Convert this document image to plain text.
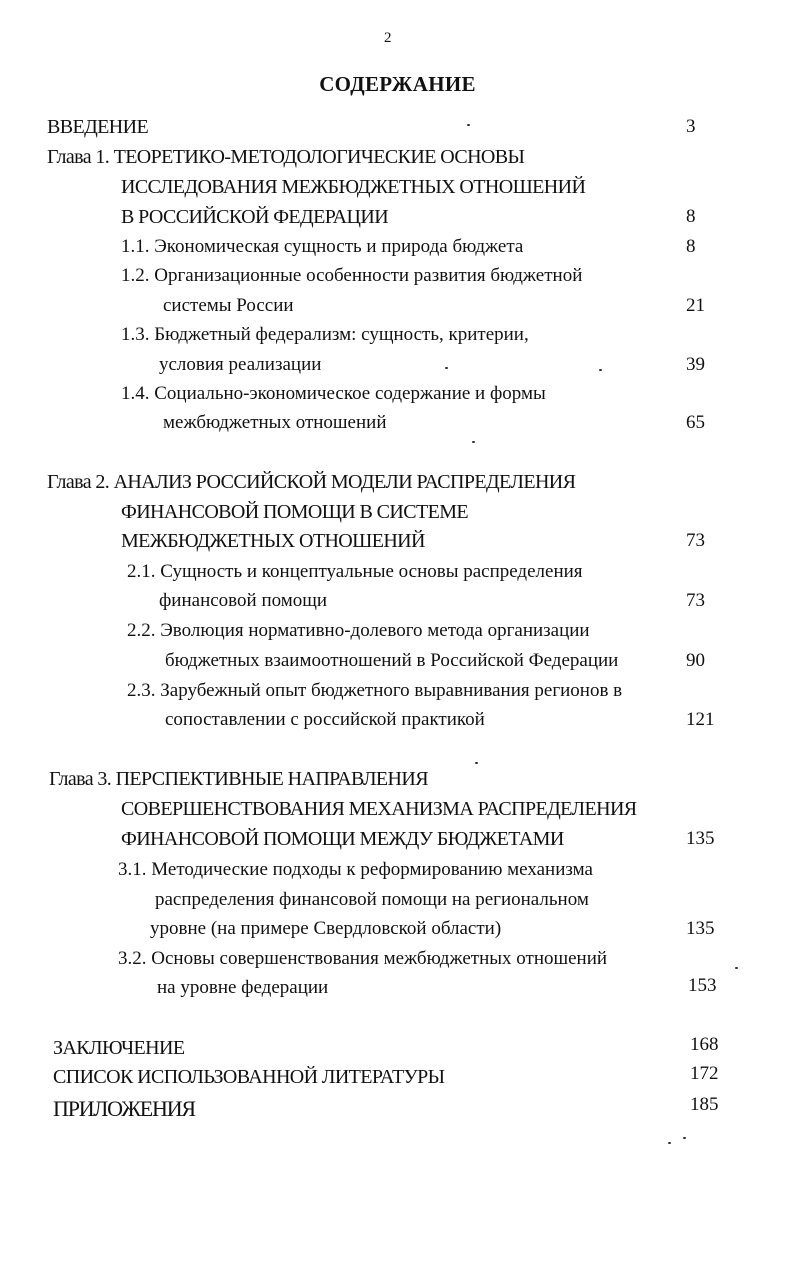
2
СОДЕРЖАНИЕ
ВВЕДЕНИЕ	3
Глава 1. ТЕОРЕТИКО-МЕТОДОЛОГИЧЕСКИЕ ОСНОВЫ
ИССЛЕДОВАНИЯ МЕЖБЮДЖЕТНЫХ ОТНОШЕНИЙ
В РОССИЙСКОЙ ФЕДЕРАЦИИ	8
1.1. Экономическая сущность и природа бюджета	8
1.2. Организационные особенности развития бюджетной
системы России	21
1.3. Бюджетный федерализм: сущность, критерии,
условия реализации	39
1.4. Социально-экономическое содержание и формы
межбюджетных отношений	65
Глава 2. АНАЛИЗ РОССИЙСКОЙ МОДЕЛИ РАСПРЕДЕЛЕНИЯ
ФИНАНСОВОЙ ПОМОЩИ В СИСТЕМЕ
МЕЖБЮДЖЕТНЫХ ОТНОШЕНИЙ	73
2.1. Сущность и концептуальные основы распределения
финансовой помощи	73
2.2. Эволюция нормативно-долевого метода организации
бюджетных взаимоотношений в Российской Федерации	90
2.3. Зарубежный опыт бюджетного выравнивания регионов в
сопоставлении с российской практикой	121
Глава 3. ПЕРСПЕКТИВНЫЕ НАПРАВЛЕНИЯ
СОВЕРШЕНСТВОВАНИЯ МЕХАНИЗМА РАСПРЕДЕЛЕНИЯ
ФИНАНСОВОЙ ПОМОЩИ МЕЖДУ БЮДЖЕТАМИ	135
3.1. Методические подходы к реформированию механизма
распределения финансовой помощи на региональном
уровне (на примере Свердловской области)	135
3.2. Основы совершенствования межбюджетных отношений
на уровне федерации	153
ЗАКЛЮЧЕНИЕ	168
СПИСОК ИСПОЛЬЗОВАННОЙ ЛИТЕРАТУРЫ	172
ПРИЛОЖЕНИЯ	185
